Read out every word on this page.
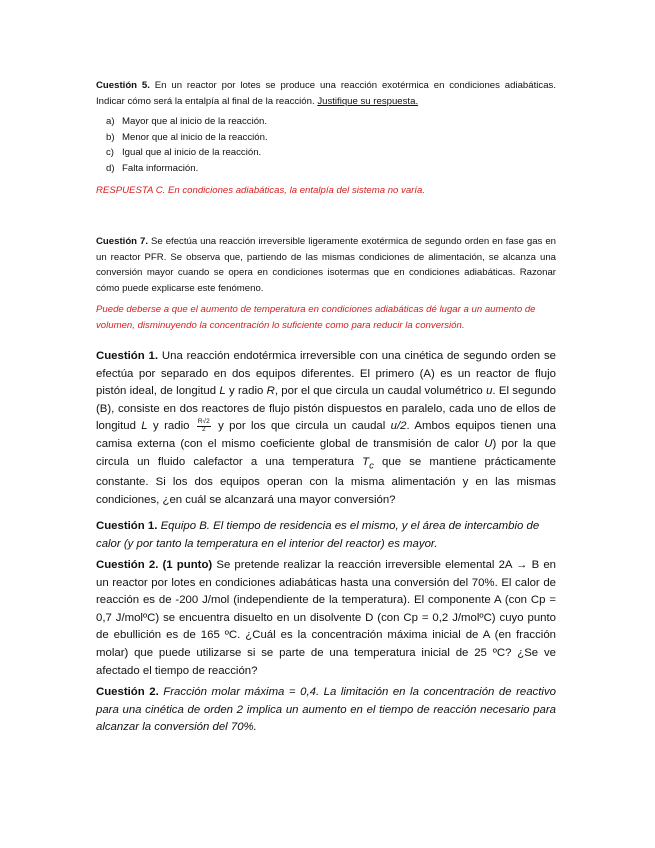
Cuestión 5. En un reactor por lotes se produce una reacción exotérmica en condiciones adiabáticas. Indicar cómo será la entalpía al final de la reacción. Justifique su respuesta.

a) Mayor que al inicio de la reacción.
b) Menor que al inicio de la reacción.
c) Igual que al inicio de la reacción.
d) Falta información.

RESPUESTA C. En condiciones adiabáticas, la entalpía del sistema no varía.

Cuestión 7. Se efectúa una reacción irreversible ligeramente exotérmica de segundo orden en fase gas en un reactor PFR. Se observa que, partiendo de las mismas condiciones de alimentación, se alcanza una conversión mayor cuando se opera en condiciones isotermas que en condiciones adiabáticas. Razonar cómo puede explicarse este fenómeno.

Puede deberse a que el aumento de temperatura en condiciones adiabáticas dé lugar a un aumento de volumen, disminuyendo la concentración lo suficiente como para reducir la conversión.

Cuestión 1. Una reacción endotérmica irreversible con una cinética de segundo orden se efectúa por separado en dos equipos diferentes. El primero (A) es un reactor de flujo pistón ideal, de longitud L y radio R, por el que circula un caudal volumétrico u. El segundo (B), consiste en dos reactores de flujo pistón dispuestos en paralelo, cada uno de ellos de longitud L y radio $\frac{R√2}{2}$ y por los que circula un caudal u/2. Ambos equipos tienen una camisa externa (con el mismo coeficiente global de transmisión de calor U) por la que circula un fluido calefactor a una temperatura $T_c$ que se mantiene prácticamente constante. Si los dos equipos operan con la misma alimentación y en las mismas condiciones, ¿en cuál se alcanzará una mayor conversión?

Cuestión 1. Equipo B. El tiempo de residencia es el mismo, y el área de intercambio de calor (y por tanto la temperatura en el interior del reactor) es mayor.

Cuestión 2. (1 punto) Se pretende realizar la reacción irreversible elemental 2A → B en un reactor por lotes en condiciones adiabáticas hasta una conversión del 70%. El calor de reacción es de -200 J/mol (independiente de la temperatura). El componente A (con Cp = 0,7 J/molºC) se encuentra disuelto en un disolvente D (con Cp = 0,2 J/molºC) cuyo punto de ebullición es de 165 ºC. ¿Cuál es la concentración máxima inicial de A (en fracción molar) que puede utilizarse si se parte de una temperatura inicial de 25 ºC? ¿Se ve afectado el tiempo de reacción?

Cuestión 2. Fracción molar máxima = 0,4. La limitación en la concentración de reactivo para una cinética de orden 2 implica un aumento en el tiempo de reacción necesario para alcanzar la conversión del 70%.
